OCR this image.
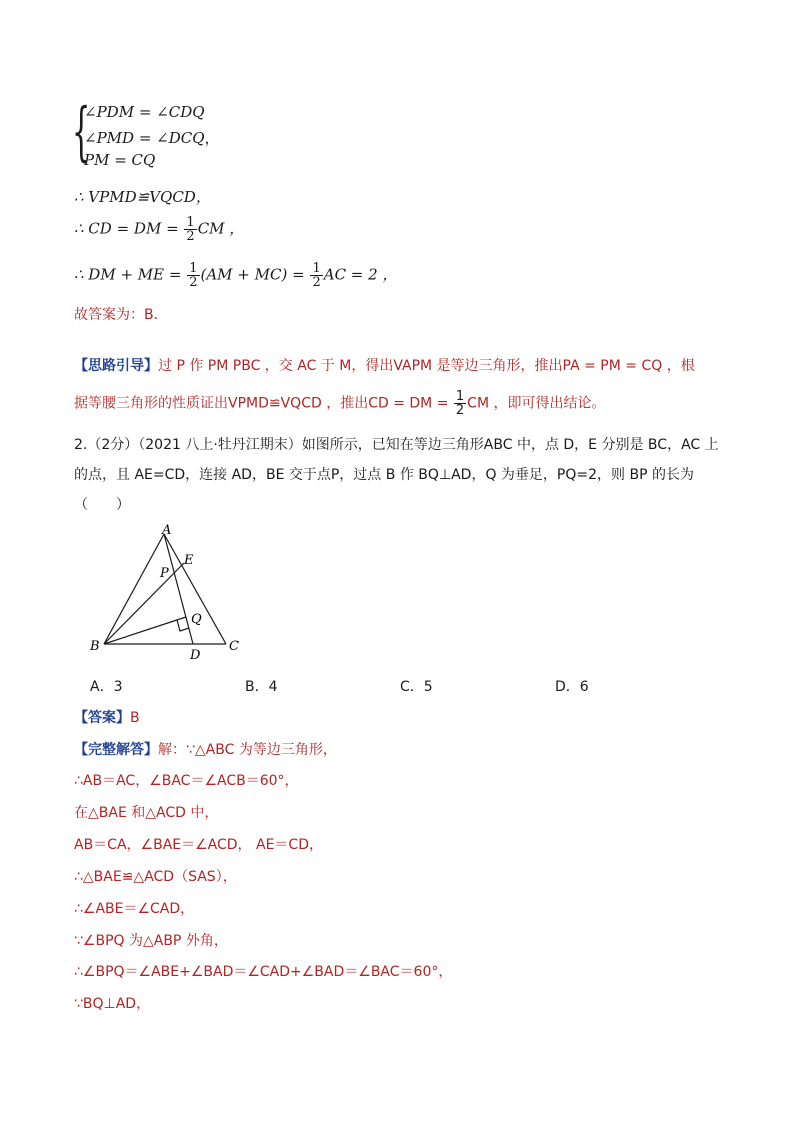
{
∠PDM = ∠CDQ
∠PMD = ∠DCQ，
PM = CQ
∴ VPMD≌VQCD，
∴ CD = DM = $\frac{1}{2}$ CM ，
∴ DM + ME = $\frac{1}{2} (AM + MC) = \frac{1}{2}$ AC = 2 ，
故答案为：B．
【思路引导】过 P 作 PM PBC ，交 AC 于 M，得出VAPM 是等边三角形，推出PA = PM = CQ ，根
据等腰三角形的性质证出VPMD≌VQCD ，推出CD = DM = $\frac{1}{2}$ CM ，即可得出结论。
2.（2分）（2021 八上·牡丹江期末）如图所示，已知在等边三角形ABC 中，点 D，E 分别是 BC，AC 上
的点，且 AE=CD，连接 AD，BE 交于点P，过点 B 作 BQ⊥AD，Q 为垂足，PQ=2，则 BP 的长为
（　　）
A
B	C
D
E
P
Q
A．3	B．4	C．5	D．6
【答案】B
【完整解答】解：∵△ABC 为等边三角形，
∴AB＝AC，∠BAC＝∠ACB＝60°，
在△BAE 和△ACD 中，
AB＝CA，∠BAE＝∠ACD， AE＝CD，
∴△BAE≌△ACD（SAS），
∴∠ABE＝∠CAD，
∵∠BPQ 为△ABP 外角，
∴∠BPQ＝∠ABE+∠BAD＝∠CAD+∠BAD＝∠BAC＝60°，
∵BQ⊥AD，
